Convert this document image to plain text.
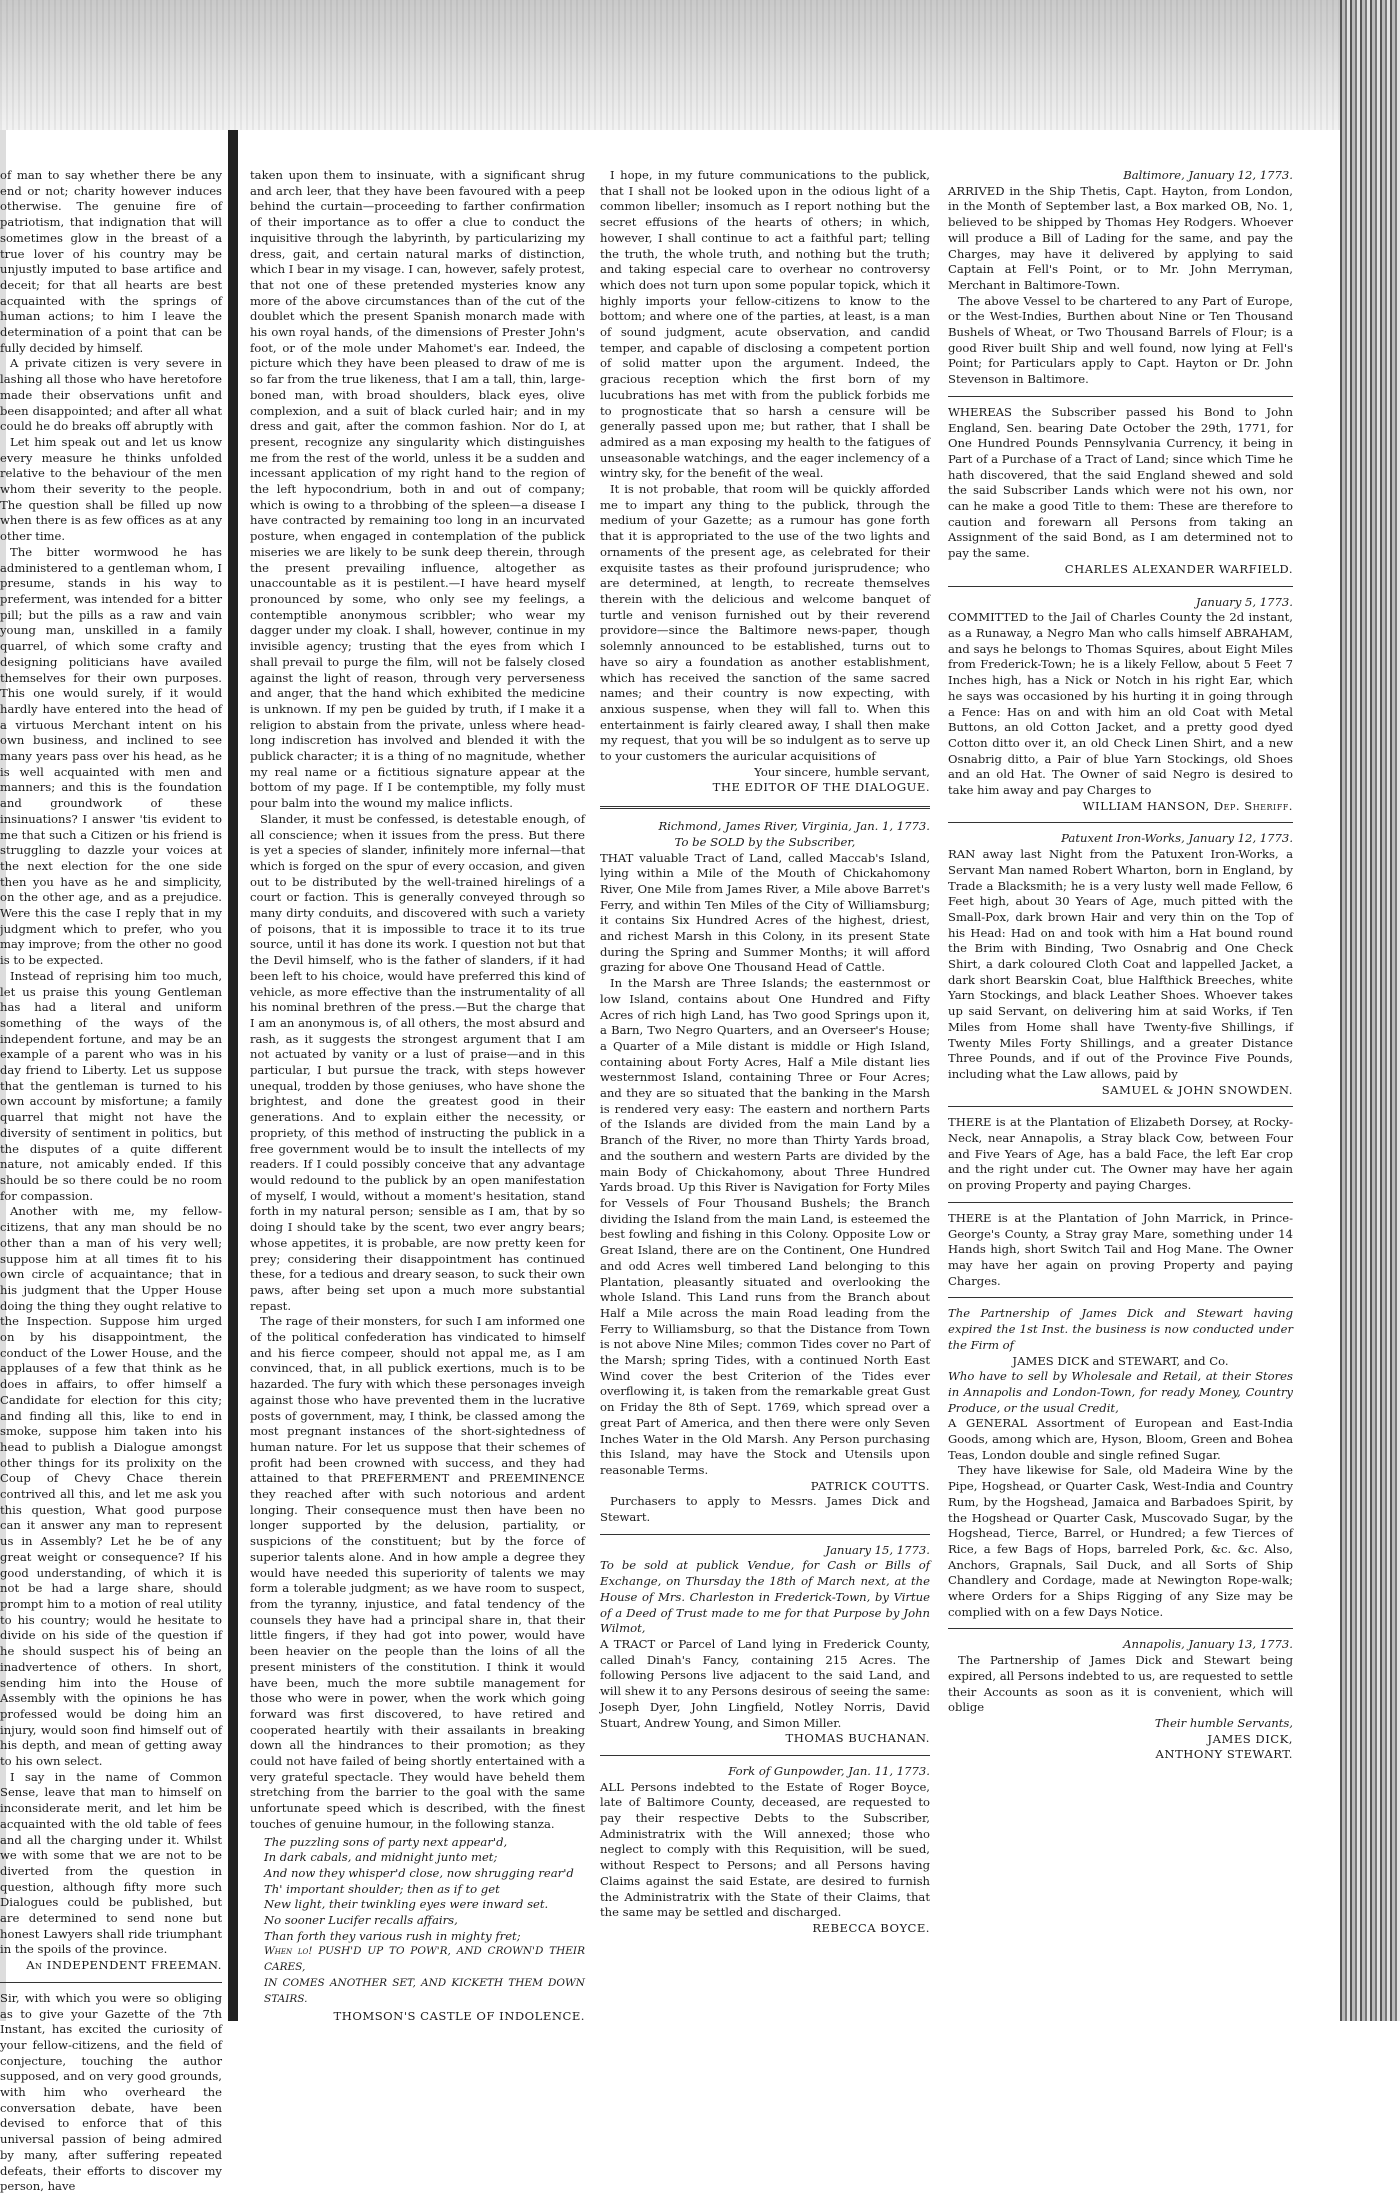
of man to say whether there be any end or not; charity however induces otherwise. The genuine fire of patriotism, that indignation that will sometimes glow in the breast of a true lover of his country may be unjustly imputed to base artifice and deceit; for that all hearts are best acquainted with the springs of human actions; to him I leave the determination of a point that can be fully decided by himself.

A private citizen is very severe in lashing all those who have heretofore made their observations unfit and been disappointed; and after all what could he do breaks off abruptly with

Let him speak out and let us know every measure he thinks unfolded relative to the behaviour of the men whom their severity to the people. The question shall be filled up now when there is as few offices as at any other time.

The bitter wormwood he has administered to a gentleman whom, I presume, stands in his way to preferment, was intended for a bitter pill; but the pills as a raw and vain young man, unskilled in a family quarrel, of which some crafty and designing politicians have availed themselves for their own purposes. This one would surely, if it would hardly have entered into the head of a virtuous Merchant intent on his own business, and inclined to see many years pass over his head, as he is well acquainted with men and manners; and this is the foundation and groundwork of these insinuations? I answer 'tis evident to me that such a Citizen or his friend is struggling to dazzle your voices at the next election for the one side then you have as he and simplicity, on the other age, and as a prejudice. Were this the case I reply that in my judgment which to prefer, who you may improve; from the other no good is to be expected.

Instead of reprising him too much, let us praise this young Gentleman has had a literal and uniform something of the ways of the independent fortune, and may be an example of a parent who was in his day friend to Liberty. Let us suppose that the gentleman is turned to his own account by misfortune; a family quarrel that might not have the diversity of sentiment in politics, but the disputes of a quite different nature, not amicably ended. If this should be so there could be no room for compassion.

Another with me, my fellow-citizens, that any man should be no other than a man of his very well; suppose him at all times fit to his own circle of acquaintance; that in his judgment that the Upper House doing the thing they ought relative to the Inspection. Suppose him urged on by his disappointment, the conduct of the Lower House, and the applauses of a few that think as he does in affairs, to offer himself a Candidate for election for this city; and finding all this, like to end in smoke, suppose him taken into his head to publish a Dialogue amongst other things for its prolixity on the Coup of Chevy Chace therein contrived all this, and let me ask you this question, What good purpose can it answer any man to represent us in Assembly? Let he be of any great weight or consequence? If his good understanding, of which it is not be had a large share, should prompt him to a motion of real utility to his country; would he hesitate to divide on his side of the question if he should suspect his of being an inadvertence of others. In short, sending him into the House of Assembly with the opinions he has professed would be doing him an injury, would soon find himself out of his depth, and mean of getting away to his own select.

I say in the name of Common Sense, leave that man to himself on inconsiderate merit, and let him be acquainted with the old table of fees and all the charging under it. Whilst we with some that we are not to be diverted from the question in question, although fifty more such Dialogues could be published, but are determined to send none but honest Lawyers shall ride triumphant in the spoils of the province.

An INDEPENDENT FREEMAN.

Sir, with which you were so obliging as to give your Gazette of the 7th Instant, has excited the curiosity of your fellow-citizens, and the field of conjecture, touching the author supposed, and on very good grounds, with him who overheard the conversation debate, have been devised to enforce that of this universal passion of being admired by many, after suffering repeated defeats, their efforts to discover my person, have

taken upon them to insinuate, with a significant shrug and arch leer, that they have been favoured with a peep behind the curtain—proceeding to farther confirmation of their importance as to offer a clue to conduct the inquisitive through the labyrinth, by particularizing my dress, gait, and certain natural marks of distinction, which I bear in my visage. I can, however, safely protest, that not one of these pretended mysteries know any more of the above circumstances than of the cut of the doublet which the present Spanish monarch made with his own royal hands, of the dimensions of Prester John's foot, or of the mole under Mahomet's ear. Indeed, the picture which they have been pleased to draw of me is so far from the true likeness, that I am a tall, thin, large-boned man, with broad shoulders, black eyes, olive complexion, and a suit of black curled hair; and in my dress and gait, after the common fashion. Nor do I, at present, recognize any singularity which distinguishes me from the rest of the world, unless it be a sudden and incessant application of my right hand to the region of the left hypocondrium, both in and out of company; which is owing to a throbbing of the spleen—a disease I have contracted by remaining too long in an incurvated posture, when engaged in contemplation of the publick miseries we are likely to be sunk deep therein, through the present prevailing influence, altogether as unaccountable as it is pestilent.—I have heard myself pronounced by some, who only see my feelings, a contemptible anonymous scribbler; who wear my dagger under my cloak. I shall, however, continue in my invisible agency; trusting that the eyes from which I shall prevail to purge the film, will not be falsely closed against the light of reason, through very perverseness and anger, that the hand which exhibited the medicine is unknown. If my pen be guided by truth, if I make it a religion to abstain from the private, unless where head-long indiscretion has involved and blended it with the publick character; it is a thing of no magnitude, whether my real name or a fictitious signature appear at the bottom of my page. If I be contemptible, my folly must pour balm into the wound my malice inflicts.

Slander, it must be confessed, is detestable enough, of all conscience; when it issues from the press. But there is yet a species of slander, infinitely more infernal—that which is forged on the spur of every occasion, and given out to be distributed by the well-trained hirelings of a court or faction. This is generally conveyed through so many dirty conduits, and discovered with such a variety of poisons, that it is impossible to trace it to its true source, until it has done its work. I question not but that the Devil himself, who is the father of slanders, if it had been left to his choice, would have preferred this kind of vehicle, as more effective than the instrumentality of all his nominal brethren of the press.—But the charge that I am an anonymous is, of all others, the most absurd and rash, as it suggests the strongest argument that I am not actuated by vanity or a lust of praise—and in this particular, I but pursue the track, with steps however unequal, trodden by those geniuses, who have shone the brightest, and done the greatest good in their generations. And to explain either the necessity, or propriety, of this method of instructing the publick in a free government would be to insult the intellects of my readers. If I could possibly conceive that any advantage would redound to the publick by an open manifestation of myself, I would, without a moment's hesitation, stand forth in my natural person; sensible as I am, that by so doing I should take by the scent, two ever angry bears; whose appetites, it is probable, are now pretty keen for prey; considering their disappointment has continued these, for a tedious and dreary season, to suck their own paws, after being set upon a much more substantial repast.

The rage of their monsters, for such I am informed one of the political confederation has vindicated to himself and his fierce compeer, should not appal me, as I am convinced, that, in all publick exertions, much is to be hazarded. The fury with which these personages inveigh against those who have prevented them in the lucrative posts of government, may, I think, be classed among the most pregnant instances of the short-sightedness of human nature. For let us suppose that their schemes of profit had been crowned with success, and they had attained to that PREFERMENT and PREEMINENCE they reached after with such notorious and ardent longing. Their consequence must then have been no longer supported by the delusion, partiality, or suspicions of the constituent; but by the force of superior talents alone. And in how ample a degree they would have needed this superiority of talents we may form a tolerable judgment; as we have room to suspect, from the tyranny, injustice, and fatal tendency of the counsels they have had a principal share in, that their little fingers, if they had got into power, would have been heavier on the people than the loins of all the present ministers of the constitution. I think it would have been, much the more subtile management for those who were in power, when the work which going forward was first discovered, to have retired and cooperated heartily with their assailants in breaking down all the hindrances to their promotion; as they could not have failed of being shortly entertained with a very grateful spectacle. They would have beheld them stretching from the barrier to the goal with the same unfortunate speed which is described, with the finest touches of genuine humour, in the following stanza.

The puzzling sons of party next appear'd,
In dark cabals, and midnight junto met;
And now they whisper'd close, now shrugging rear'd
Th' important shoulder; then as if to get
New light, their twinkling eyes were inward set.
No sooner Lucifer recalls affairs,
Than forth they various rush in mighty fret;
When lo! PUSH'D UP TO POW'R, AND CROWN'D THEIR CARES,
IN COMES ANOTHER SET, AND KICKETH THEM DOWN STAIRS.
THOMSON'S CASTLE OF INDOLENCE.

I hope, in my future communications to the publick, that I shall not be looked upon in the odious light of a common libeller; insomuch as I report nothing but the secret effusions of the hearts of others; in which, however, I shall continue to act a faithful part; telling the truth, the whole truth, and nothing but the truth; and taking especial care to overhear no controversy which does not turn upon some popular topick, which it highly imports your fellow-citizens to know to the bottom; and where one of the parties, at least, is a man of sound judgment, acute observation, and candid temper, and capable of disclosing a competent portion of solid matter upon the argument. Indeed, the gracious reception which the first born of my lucubrations has met with from the publick forbids me to prognosticate that so harsh a censure will be generally passed upon me; but rather, that I shall be admired as a man exposing my health to the fatigues of unseasonable watchings, and the eager inclemency of a wintry sky, for the benefit of the weal.

It is not probable, that room will be quickly afforded me to impart any thing to the publick, through the medium of your Gazette; as a rumour has gone forth that it is appropriated to the use of the two lights and ornaments of the present age, as celebrated for their exquisite tastes as their profound jurisprudence; who are determined, at length, to recreate themselves therein with the delicious and welcome banquet of turtle and venison furnished out by their reverend providore—since the Baltimore news-paper, though solemnly announced to be established, turns out to have so airy a foundation as another establishment, which has received the sanction of the same sacred names; and their country is now expecting, with anxious suspense, when they will fall to. When this entertainment is fairly cleared away, I shall then make my request, that you will be so indulgent as to serve up to your customers the auricular acquisitions of

Your sincere, humble servant,
THE EDITOR OF THE DIALOGUE.
Richmond, James River, Virginia, Jan. 1, 1773.
To be SOLD by the Subscriber,

THAT valuable Tract of Land, called Maccab's Island, lying within a Mile of the Mouth of Chickahomony River, One Mile from James River, a Mile above Barret's Ferry, and within Ten Miles of the City of Williamsburg; it contains Six Hundred Acres of the highest, driest, and richest Marsh in this Colony, in its present State during the Spring and Summer Months; it will afford grazing for above One Thousand Head of Cattle.

In the Marsh are Three Islands; the easternmost or low Island, contains about One Hundred and Fifty Acres of rich high Land, has Two good Springs upon it, a Barn, Two Negro Quarters, and an Overseer's House; a Quarter of a Mile distant is middle or High Island, containing about Forty Acres, Half a Mile distant lies westernmost Island, containing Three or Four Acres; and they are so situated that the banking in the Marsh is rendered very easy: The eastern and northern Parts of the Islands are divided from the main Land by a Branch of the River, no more than Thirty Yards broad, and the southern and western Parts are divided by the main Body of Chickahomony, about Three Hundred Yards broad. Up this River is Navigation for Forty Miles for Vessels of Four Thousand Bushels; the Branch dividing the Island from the main Land, is esteemed the best fowling and fishing in this Colony. Opposite Low or Great Island, there are on the Continent, One Hundred and odd Acres well timbered Land belonging to this Plantation, pleasantly situated and overlooking the whole Island. This Land runs from the Branch about Half a Mile across the main Road leading from the Ferry to Williamsburg, so that the Distance from Town is not above Nine Miles; common Tides cover no Part of the Marsh; spring Tides, with a continued North East Wind cover the best Criterion of the Tides ever overflowing it, is taken from the remarkable great Gust on Friday the 8th of Sept. 1769, which spread over a great Part of America, and then there were only Seven Inches Water in the Old Marsh. Any Person purchasing this Island, may have the Stock and Utensils upon reasonable Terms.

PATRICK COUTTS.

Purchasers to apply to Messrs. James Dick and Stewart.

January 15, 1773.

To be sold at publick Vendue, for Cash or Bills of Exchange, on Thursday the 18th of March next, at the House of Mrs. Charleston in Frederick-Town, by Virtue of a Deed of Trust made to me for that Purpose by John Wilmot,

A TRACT or Parcel of Land lying in Frederick County, called Dinah's Fancy, containing 215 Acres. The following Persons live adjacent to the said Land, and will shew it to any Persons desirous of seeing the same: Joseph Dyer, John Lingfield, Notley Norris, David Stuart, Andrew Young, and Simon Miller.

THOMAS BUCHANAN.
Fork of Gunpowder, Jan. 11, 1773.

ALL Persons indebted to the Estate of Roger Boyce, late of Baltimore County, deceased, are requested to pay their respective Debts to the Subscriber, Administratrix with the Will annexed; those who neglect to comply with this Requisition, will be sued, without Respect to Persons; and all Persons having Claims against the said Estate, are desired to furnish the Administratrix with the State of their Claims, that the same may be settled and discharged.

REBECCA BOYCE.
Baltimore, January 12, 1773.

ARRIVED in the Ship Thetis, Capt. Hayton, from London, in the Month of September last, a Box marked OB, No. 1, believed to be shipped by Thomas Hey Rodgers. Whoever will produce a Bill of Lading for the same, and pay the Charges, may have it delivered by applying to said Captain at Fell's Point, or to Mr. John Merryman, Merchant in Baltimore-Town.

The above Vessel to be chartered to any Part of Europe, or the West-Indies, Burthen about Nine or Ten Thousand Bushels of Wheat, or Two Thousand Barrels of Flour; is a good River built Ship and well found, now lying at Fell's Point; for Particulars apply to Capt. Hayton or Dr. John Stevenson in Baltimore.

WHEREAS the Subscriber passed his Bond to John England, Sen. bearing Date October the 29th, 1771, for One Hundred Pounds Pennsylvania Currency, it being in Part of a Purchase of a Tract of Land; since which Time he hath discovered, that the said England shewed and sold the said Subscriber Lands which were not his own, nor can he make a good Title to them: These are therefore to caution and forewarn all Persons from taking an Assignment of the said Bond, as I am determined not to pay the same.

CHARLES ALEXANDER WARFIELD.
January 5, 1773.

COMMITTED to the Jail of Charles County the 2d instant, as a Runaway, a Negro Man who calls himself ABRAHAM, and says he belongs to Thomas Squires, about Eight Miles from Frederick-Town; he is a likely Fellow, about 5 Feet 7 Inches high, has a Nick or Notch in his right Ear, which he says was occasioned by his hurting it in going through a Fence: Has on and with him an old Coat with Metal Buttons, an old Cotton Jacket, and a pretty good dyed Cotton ditto over it, an old Check Linen Shirt, and a new Osnabrig ditto, a Pair of blue Yarn Stockings, old Shoes and an old Hat. The Owner of said Negro is desired to take him away and pay Charges to

WILLIAM HANSON, Dep. Sheriff.
Patuxent Iron-Works, January 12, 1773.

RAN away last Night from the Patuxent Iron-Works, a Servant Man named Robert Wharton, born in England, by Trade a Blacksmith; he is a very lusty well made Fellow, 6 Feet high, about 30 Years of Age, much pitted with the Small-Pox, dark brown Hair and very thin on the Top of his Head: Had on and took with him a Hat bound round the Brim with Binding, Two Osnabrig and One Check Shirt, a dark coloured Cloth Coat and lappelled Jacket, a dark short Bearskin Coat, blue Halfthick Breeches, white Yarn Stockings, and black Leather Shoes. Whoever takes up said Servant, on delivering him at said Works, if Ten Miles from Home shall have Twenty-five Shillings, if Twenty Miles Forty Shillings, and a greater Distance Three Pounds, and if out of the Province Five Pounds, including what the Law allows, paid by

SAMUEL & JOHN SNOWDEN.

THERE is at the Plantation of Elizabeth Dorsey, at Rocky-Neck, near Annapolis, a Stray black Cow, between Four and Five Years of Age, has a bald Face, the left Ear crop and the right under cut. The Owner may have her again on proving Property and paying Charges.

THERE is at the Plantation of John Marrick, in Prince-George's County, a Stray gray Mare, something under 14 Hands high, short Switch Tail and Hog Mane. The Owner may have her again on proving Property and paying Charges.

The Partnership of James Dick and Stewart having expired the 1st Inst. the business is now conducted under the Firm of

JAMES DICK and STEWART, and Co.

Who have to sell by Wholesale and Retail, at their Stores in Annapolis and London-Town, for ready Money, Country Produce, or the usual Credit,

A GENERAL Assortment of European and East-India Goods, among which are, Hyson, Bloom, Green and Bohea Teas, London double and single refined Sugar.

They have likewise for Sale, old Madeira Wine by the Pipe, Hogshead, or Quarter Cask, West-India and Country Rum, by the Hogshead, Jamaica and Barbadoes Spirit, by the Hogshead or Quarter Cask, Muscovado Sugar, by the Hogshead, Tierce, Barrel, or Hundred; a few Tierces of Rice, a few Bags of Hops, barreled Pork, &c. &c. Also, Anchors, Grapnals, Sail Duck, and all Sorts of Ship Chandlery and Cordage, made at Newington Rope-walk; where Orders for a Ships Rigging of any Size may be complied with on a few Days Notice.

Annapolis, January 13, 1773.

The Partnership of James Dick and Stewart being expired, all Persons indebted to us, are requested to settle their Accounts as soon as it is convenient, which will oblige

Their humble Servants,
JAMES DICK,
ANTHONY STEWART.
